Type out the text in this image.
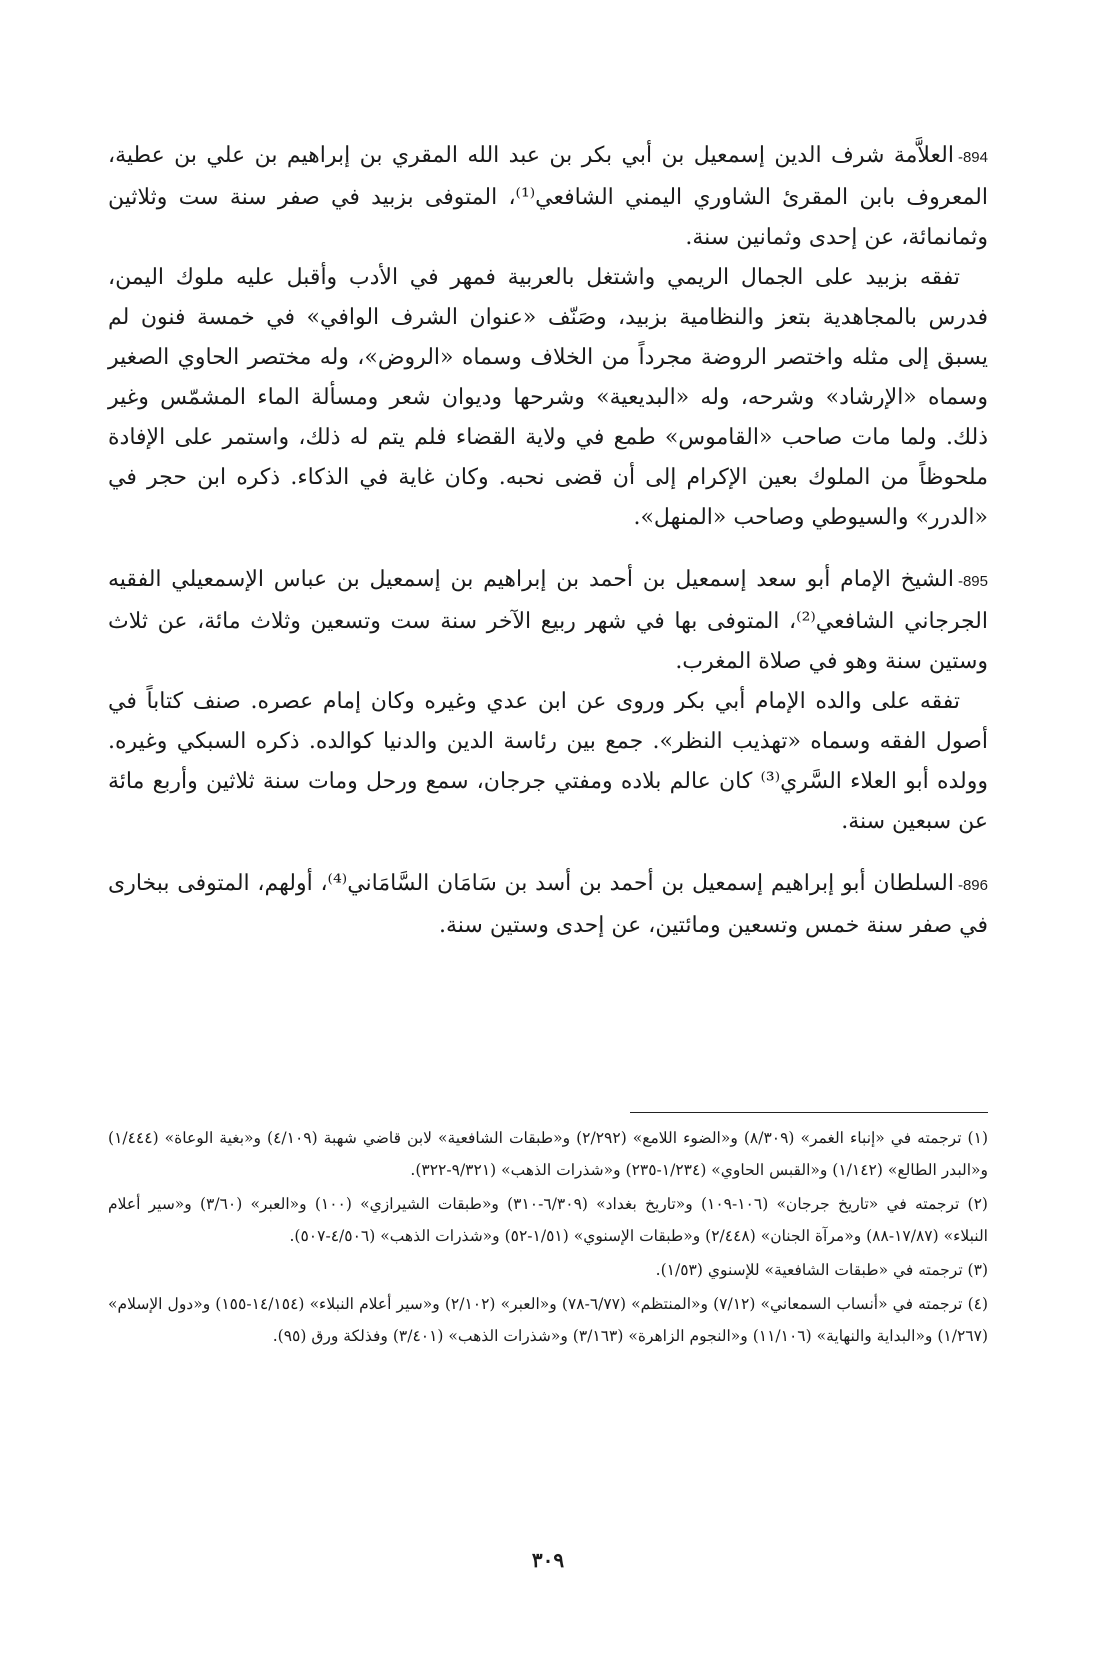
894-العلاَّمة شرف الدين إسمعيل بن أبي بكر بن عبد الله المقري بن إبراهيم بن علي بن عطية، المعروف بابن المقرئ الشاوري اليمني الشافعي⁽¹⁾، المتوفى بزبيد في صفر سنة ست وثلاثين وثمانمائة، عن إحدى وثمانين سنة.

تفقه بزبيد على الجمال الريمي واشتغل بالعربية فمهر في الأدب وأقبل عليه ملوك اليمن، فدرس بالمجاهدية بتعز والنظامية بزبيد، وصَنّف «عنوان الشرف الوافي» في خمسة فنون لم يسبق إلى مثله واختصر الروضة مجرداً من الخلاف وسماه «الروض»، وله مختصر الحاوي الصغير وسماه «الإرشاد» وشرحه، وله «البديعية» وشرحها وديوان شعر ومسألة الماء المشمّس وغير ذلك. ولما مات صاحب «القاموس» طمع في ولاية القضاء فلم يتم له ذلك، واستمر على الإفادة ملحوظاً من الملوك بعين الإكرام إلى أن قضى نحبه. وكان غاية في الذكاء. ذكره ابن حجر في «الدرر» والسيوطي وصاحب «المنهل».

895-الشيخ الإمام أبو سعد إسمعيل بن أحمد بن إبراهيم بن إسمعيل بن عباس الإسمعيلي الفقيه الجرجاني الشافعي⁽²⁾، المتوفى بها في شهر ربيع الآخر سنة ست وتسعين وثلاث مائة، عن ثلاث وستين سنة وهو في صلاة المغرب.

تفقه على والده الإمام أبي بكر وروى عن ابن عدي وغيره وكان إمام عصره. صنف كتاباً في أصول الفقه وسماه «تهذيب النظر». جمع بين رئاسة الدين والدنيا كوالده. ذكره السبكي وغيره. وولده أبو العلاء السَّري⁽³⁾ كان عالم بلاده ومفتي جرجان، سمع ورحل ومات سنة ثلاثين وأربع مائة عن سبعين سنة.

896-السلطان أبو إبراهيم إسمعيل بن أحمد بن أسد بن سَامَان السَّامَاني⁽⁴⁾، أولهم، المتوفى ببخارى في صفر سنة خمس وتسعين ومائتين، عن إحدى وستين سنة.

(١) ترجمته في «إنباء الغمر» (٨/٣٠٩) و«الضوء اللامع» (٢/٢٩٢) و«طبقات الشافعية» لابن قاضي شهبة (٤/١٠٩) و«بغية الوعاة» (١/٤٤٤) و«البدر الطالع» (١/١٤٢) و«القبس الحاوي» (١/٢٣٤-٢٣٥) و«شذرات الذهب» (٩/٣٢١-٣٢٢).

(٢) ترجمته في «تاريخ جرجان» (١٠٦-١٠٩) و«تاريخ بغداد» (٦/٣٠٩-٣١٠) و«طبقات الشيرازي» (١٠٠) و«العبر» (٣/٦٠) و«سير أعلام النبلاء» (١٧/٨٧-٨٨) و«مرآة الجنان» (٢/٤٤٨) و«طبقات الإسنوي» (١/٥١-٥٢) و«شذرات الذهب» (٤/٥٠٦-٥٠٧).

(٣) ترجمته في «طبقات الشافعية» للإسنوي (١/٥٣).

(٤) ترجمته في «أنساب السمعاني» (٧/١٢) و«المنتظم» (٦/٧٧-٧٨) و«العبر» (٢/١٠٢) و«سير أعلام النبلاء» (١٤/١٥٤-١٥٥) و«دول الإسلام» (١/٢٦٧) و«البداية والنهاية» (١١/١٠٦) و«النجوم الزاهرة» (٣/١٦٣) و«شذرات الذهب» (٣/٤٠١) وفذلكة ورق (٩٥).

٣٠٩
